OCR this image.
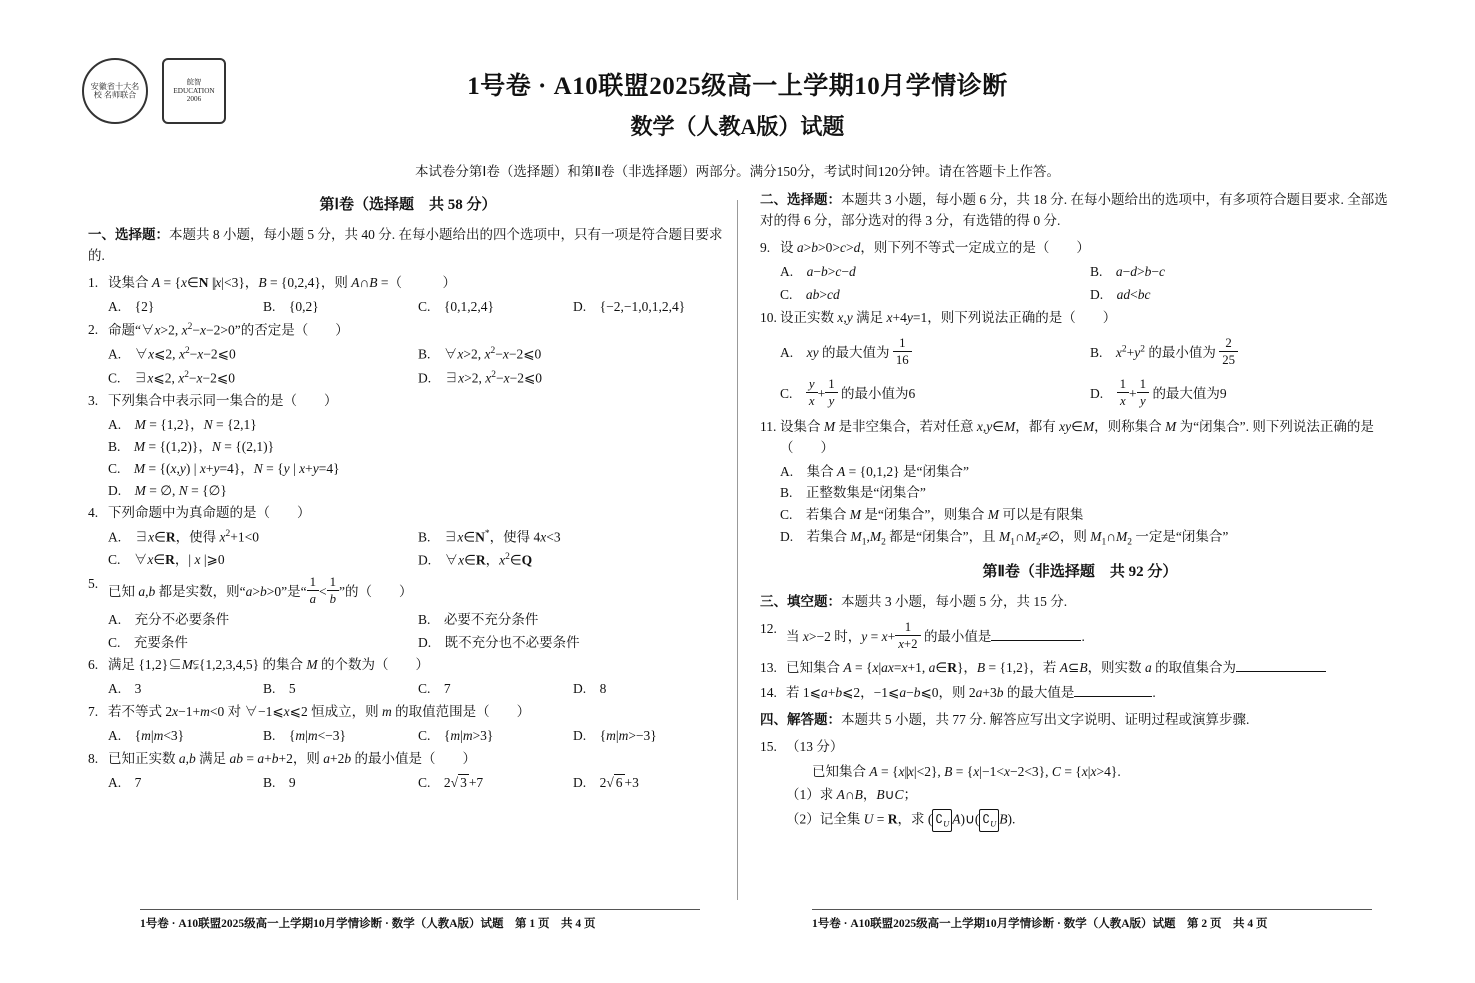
安徽省十大名校 名师联合
皖智 EDUCATION 2006	1号卷 · A10联盟2025级高一上学期10月学情诊断
数学（人教A版）试题
本试卷分第Ⅰ卷（选择题）和第Ⅱ卷（非选择题）两部分。满分150分，考试时间120分钟。请在答题卡上作答。
第Ⅰ卷（选择题　共 58 分）
一、选择题：本题共 8 小题，每小题 5 分，共 40 分. 在每小题给出的四个选项中，只有一项是符合题目要求的.
1. 设集合 A = {x∈N ||x|<3}，B = {0,2,4}，则 A∩B =（　　　）
A.　{2}	B.　{0,2}	C.　{0,1,2,4}	D.　{−2,−1,0,1,2,4}
2. 命题“∀x>2, $x^2-x-2>0$”的否定是（　　）
A.　∀x⩽2, $x^2-x-2⩽0$	B.　∀x>2, $x^2-x-2⩽0$
C.　∃x⩽2, $x^2-x-2⩽0$	D.　∃x>2, $x^2-x-2⩽0$
3. 下列集合中表示同一集合的是（　　）
A.　M = {1,2}，N = {2,1}
B.　M = {(1,2)}，N = {(2,1)}
C.　M = {(x,y) | x+y=4}，N = {y | x+y=4}
D.　M = ∅, N = {∅}
4. 下列命题中为真命题的是（　　）
A.　∃x∈R，使得 $x^2+1<0$	B.　∃x∈N*，使得 4x<3
C.　∀x∈R，| x |⩾0	D.　∀x∈R，$x^2\in Q$
5.
已知 a,b 都是实数，则“a>b>0”是“ $\frac{1}{a} < \frac{1}{b}$ ”的（　　）
A.　充分不必要条件	B.　必要不充分条件
C.　充要条件	D.　既不充分也不必要条件
6. 满足 {1,2}⊆M⫋{1,2,3,4,5} 的集合 M 的个数为（　　）
A.　3	B.　5	C.　7	D.　8
7. 若不等式 2x−1+m<0 对 ∀−1⩽x⩽2 恒成立，则 m 的取值范围是（　　）
A.　{m|m<3}	B.　{m|m<−3}	C.　{m|m>3}	D.　{m|m>−3}
8. 已知正实数 a,b 满足 ab = a+b+2，则 a+2b 的最小值是（　　）
A.　7	B.　9	C.　2√ 3 +7	D.　2√ 6 +3
二、选择题：本题共 3 小题，每小题 6 分，共 18 分. 在每小题给出的选项中，有多项符合题目要求. 全部选对的得 6 分，部分选对的得 3 分，有选错的得 0 分.
9. 设 a>b>0>c>d，则下列不等式一定成立的是（　　）
A.　a−b>c−d	B.　a−d>b−c
C.　ab>cd	D.　ad<bc
10. 设正实数 x,y 满足 x+4y=1，则下列说法正确的是（　　）
A.　xy 的最大值为 $\frac{1}{16}$	B.　$x^2+y^2$ 的最小值为 $\frac{2}{25}$
C.　 $\frac{y}{x} + \frac{1}{y}$ 的最小值为6	D.　 $\frac{1}{x} + \frac{1}{y}$ 的最大值为9
11. 设集合 M 是非空集合，若对任意 x,y∈M，都有 xy∈M，则称集合 M 为“闭集合”. 则下列说法正确的是（　　）
A.　集合 A = {0,1,2} 是“闭集合”
B.　正整数集是“闭集合”
C.　若集合 M 是“闭集合”，则集合 M 可以是有限集
D.　若集合 $M_1,M_2$ 都是“闭集合”，且 $M_1\cap M_2\ne\emptyset$，则 $M_1\cap M_2$ 一定是“闭集合”
第Ⅱ卷（非选择题　共 92 分）
三、填空题：本题共 3 小题，每小题 5 分，共 15 分.
12.
当 x>−2 时，$y = x+ \frac{1}{x+2}$ 的最小值是	.
13. 已知集合 A = {x|ax=x+1, a∈R}，B = {1,2}，若 A⊆B，则实数 a 的取值集合为
14. 若 1⩽a+b⩽2，−1⩽a−b⩽0，则 2a+3b 的最大值是	.
四、解答题：本题共 5 小题，共 77 分. 解答应写出文字说明、证明过程或演算步骤.
15. （13 分）
已知集合 A = {x||x|<2}, B = {x|−1<x−2<3}, C = {x|x>4}.
（1）求 A∩B，B∪C；
（2）记全集 U = R，求 ( $∁_U$ A)∪( $∁_U$ B).
1号卷 · A10联盟2025级高一上学期10月学情诊断 · 数学（人教A版）试题　第 1 页　共 4 页	1号卷 · A10联盟2025级高一上学期10月学情诊断 · 数学（人教A版）试题　第 2 页　共 4 页
